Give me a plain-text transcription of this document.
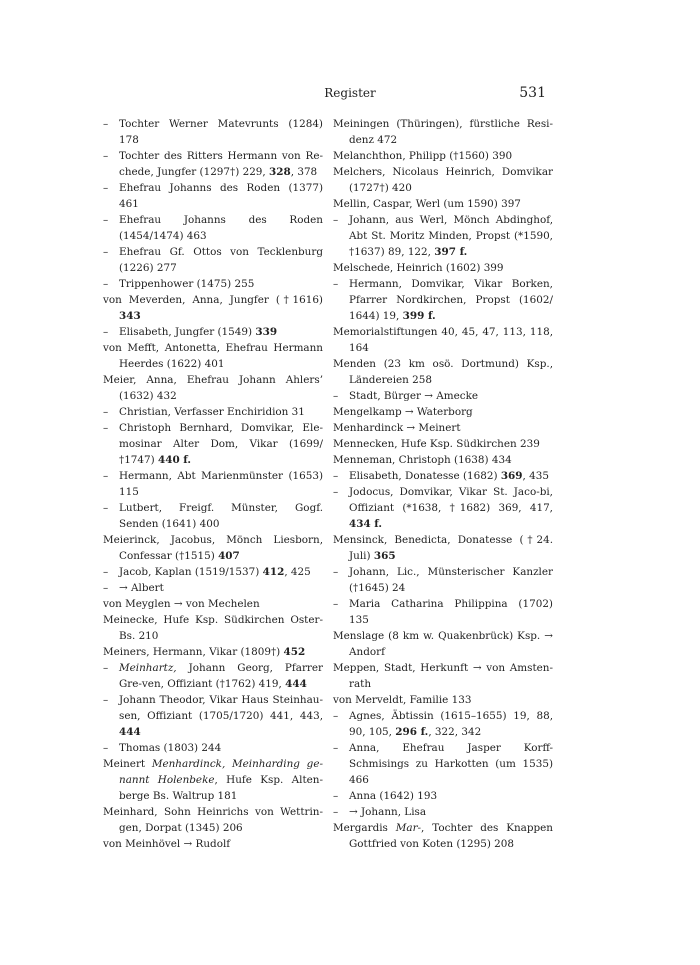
Register	531
– Tochter Werner Matevrunts (1284) 178
– Tochter des Ritters Hermann von Re-chede, Jungfer (1297†) 229, 328, 378
– Ehefrau Johanns des Roden (1377) 461
– Ehefrau Johanns des Roden (1454/1474) 463
– Ehefrau Gf. Ottos von Tecklenburg (1226) 277
– Trippenhower (1475) 255
von Meverden, Anna, Jungfer (†1616) 343
– Elisabeth, Jungfer (1549) 339
von Mefft, Antonetta, Ehefrau Hermann Heerdes (1622) 401
Meier, Anna, Ehefrau Johann Ahlers’ (1632) 432
– Christian, Verfasser Enchiridion 31
– Christoph Bernhard, Domvikar, Ele-mosinar Alter Dom, Vikar (1699/†1747) 440 f.
– Hermann, Abt Marienmünster (1653) 115
– Lutbert, Freigf. Münster, Gogf. Senden (1641) 400
Meierinck, Jacobus, Mönch Liesborn, Confessar (†1515) 407
– Jacob, Kaplan (1519/1537) 412, 425
– → Albert
von Meyglen → von Mechelen
Meinecke, Hufe Ksp. Südkirchen Oster-Bs. 210
Meiners, Hermann, Vikar (1809†) 452
– Meinhartz, Johann Georg, Pfarrer Gre-ven, Offiziant (†1762) 419, 444
– Johann Theodor, Vikar Haus Steinhau-sen, Offiziant (1705/1720) 441, 443, 444
– Thomas (1803) 244
Meinert Menhardinck, Meinharding ge-nannt Holenbeke, Hufe Ksp. Alten-berge Bs. Waltrup 181
Meinhard, Sohn Heinrichs von Wettrin-gen, Dorpat (1345) 206
von Meinhövel → Rudolf
Meiningen (Thüringen), fürstliche Resi-denz 472
Melanchthon, Philipp (†1560) 390
Melchers, Nicolaus Heinrich, Domvikar (1727†) 420
Mellin, Caspar, Werl (um 1590) 397
– Johann, aus Werl, Mönch Abdinghof, Abt St. Moritz Minden, Propst (*1590, †1637) 89, 122, 397 f.
Melschede, Heinrich (1602) 399
– Hermann, Domvikar, Vikar Borken, Pfarrer Nordkirchen, Propst (1602/ 1644) 19, 399 f.
Memorialstiftungen 40, 45, 47, 113, 118, 164
Menden (23 km osö. Dortmund) Ksp., Ländereien 258
– Stadt, Bürger → Amecke
Mengelkamp → Waterborg
Menhardinck → Meinert
Mennecken, Hufe Ksp. Südkirchen 239
Menneman, Christoph (1638) 434
– Elisabeth, Donatesse (1682) 369, 435
– Jodocus, Domvikar, Vikar St. Jaco-bi, Offiziant (*1638, †1682) 369, 417, 434 f.
Mensinck, Benedicta, Donatesse (†24. Juli) 365
– Johann, Lic., Münsterischer Kanzler (†1645) 24
– Maria Catharina Philippina (1702) 135
Menslage (8 km w. Quakenbrück) Ksp. → Andorf
Meppen, Stadt, Herkunft → von Amsten-rath
von Merveldt, Familie 133
– Agnes, Äbtissin (1615–1655) 19, 88, 90, 105, 296 f., 322, 342
– Anna, Ehefrau Jasper Korff-Schmisings zu Harkotten (um 1535) 466
– Anna (1642) 193
– → Johann, Lisa
Mergardis Mar-, Tochter des Knappen Gottfried von Koten (1295) 208
